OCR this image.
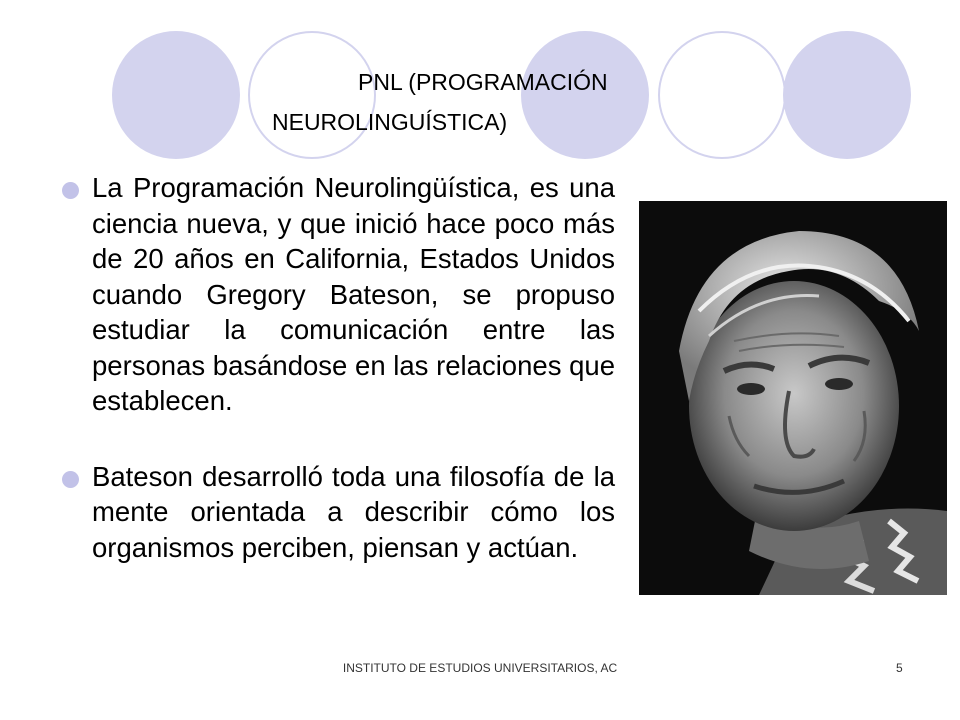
PNL (PROGRAMACIÓN
NEUROLINGUÍSTICA)
La Programación Neurolingüística, es una ciencia nueva, y que inició hace poco más de 20 años en California, Estados Unidos cuando Gregory Bateson, se propuso estudiar la comunicación entre las personas basándose en las relaciones que establecen.
Bateson desarrolló toda una filosofía de la mente orientada a describir cómo los organismos perciben, piensan y actúan.
INSTITUTO DE ESTUDIOS UNIVERSITARIOS, AC	5
